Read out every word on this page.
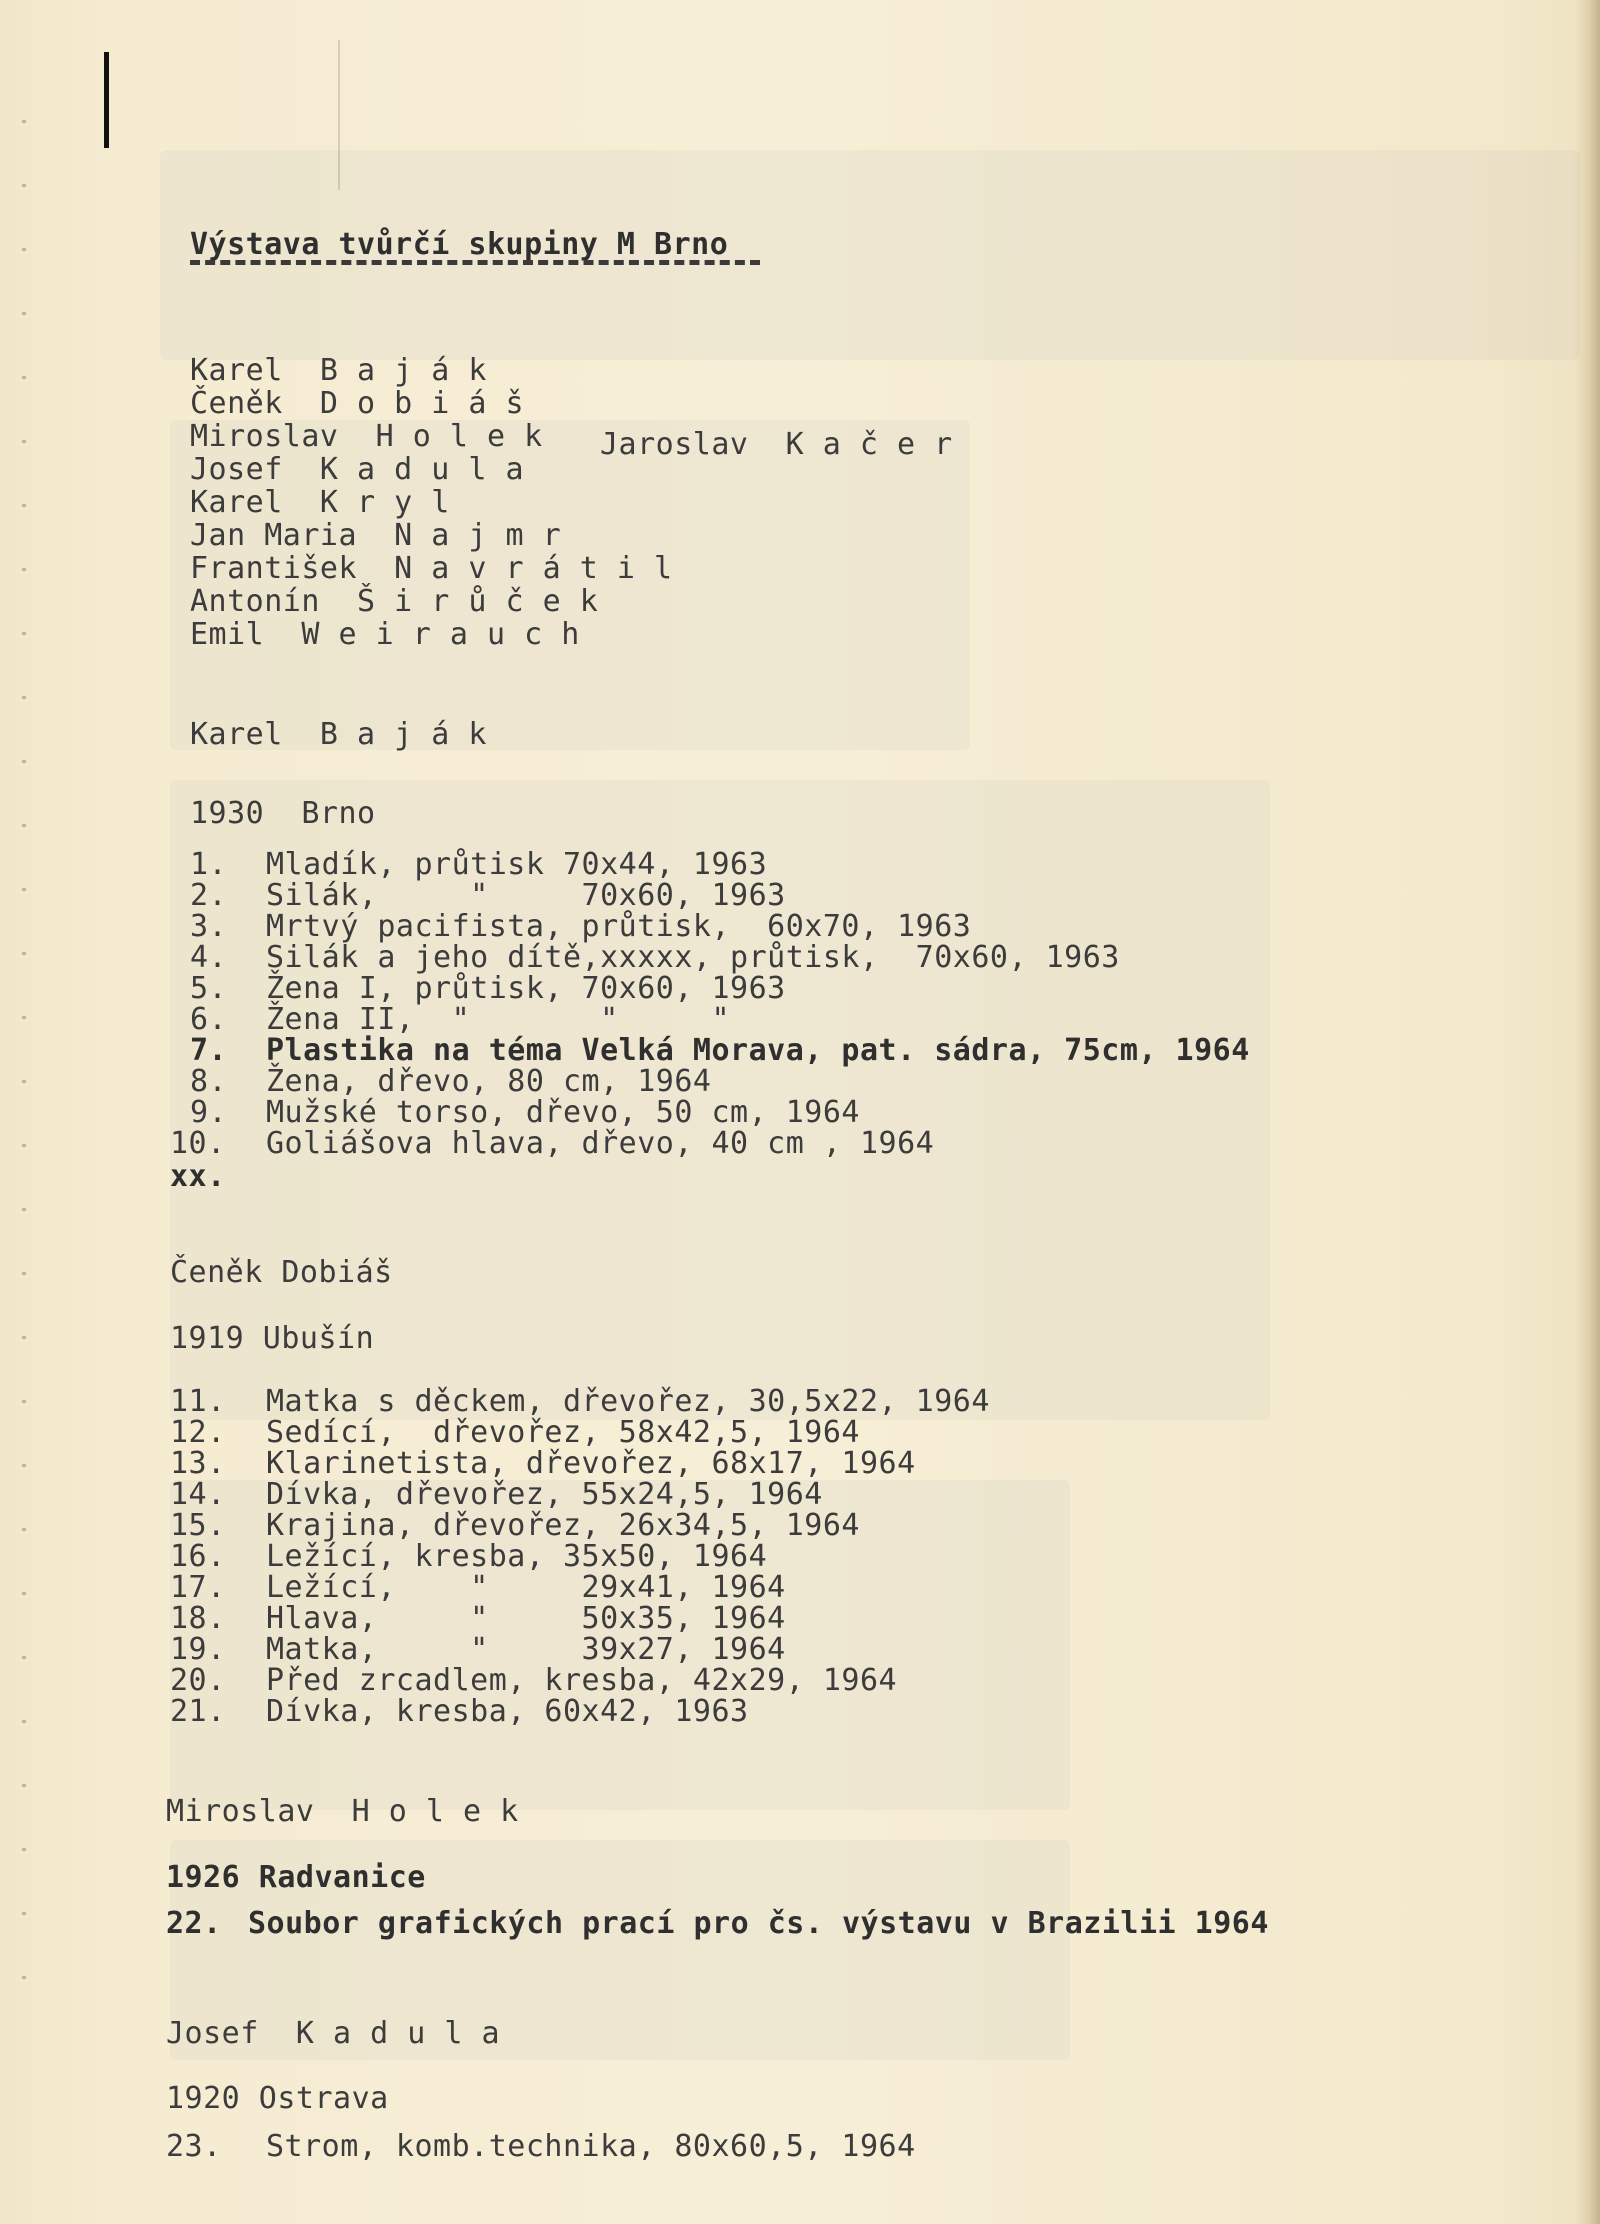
Výstava tvůrčí skupiny M Brno
Karel  B a j á k
Čeněk  D o b i á š
Miroslav  H o l e k Jaroslav  K a č e r
Josef  K a d u l a
Karel  K r y l
Jan Maria  N a j m r
František  N a v r á t i l
Antonín  Š i r ů č e k
Emil  W e i r a u c h
Karel  B a j á k
1930  Brno
1. Mladík, průtisk 70x44, 1963
2. Silák,     "     70x60, 1963
3. Mrtvý pacifista, průtisk,  60x70, 1963
4. Silák a jeho dítě,xxxxx, průtisk,  70x60, 1963
5. Žena I, průtisk, 70x60, 1963
6. Žena II,  "       "     "
7. Plastika na téma Velká Morava, pat. sádra, 75cm, 1964
8. Žena, dřevo, 80 cm, 1964
9. Mužské torso, dřevo, 50 cm, 1964
10. Goliášova hlava, dřevo, 40 cm , 1964
xx.
Čeněk Dobiáš
1919 Ubušín
11. Matka s děckem, dřevořez, 30,5x22, 1964
12. Sedící,  dřevořez, 58x42,5, 1964
13. Klarinetista, dřevořez, 68x17, 1964
14. Dívka, dřevořez, 55x24,5, 1964
15. Krajina, dřevořez, 26x34,5, 1964
16. Ležící, kresba, 35x50, 1964
17. Ležící,    "     29x41, 1964
18. Hlava,     "     50x35, 1964
19. Matka,     "     39x27, 1964
20. Před zrcadlem, kresba, 42x29, 1964
21. Dívka, kresba, 60x42, 1963
Miroslav  H o l e k
1926 Radvanice
22. Soubor grafických prací pro čs. výstavu v Brazilii 1964
Josef  K a d u l a
1920 Ostrava
23. Strom, komb.technika, 80x60,5, 1964
